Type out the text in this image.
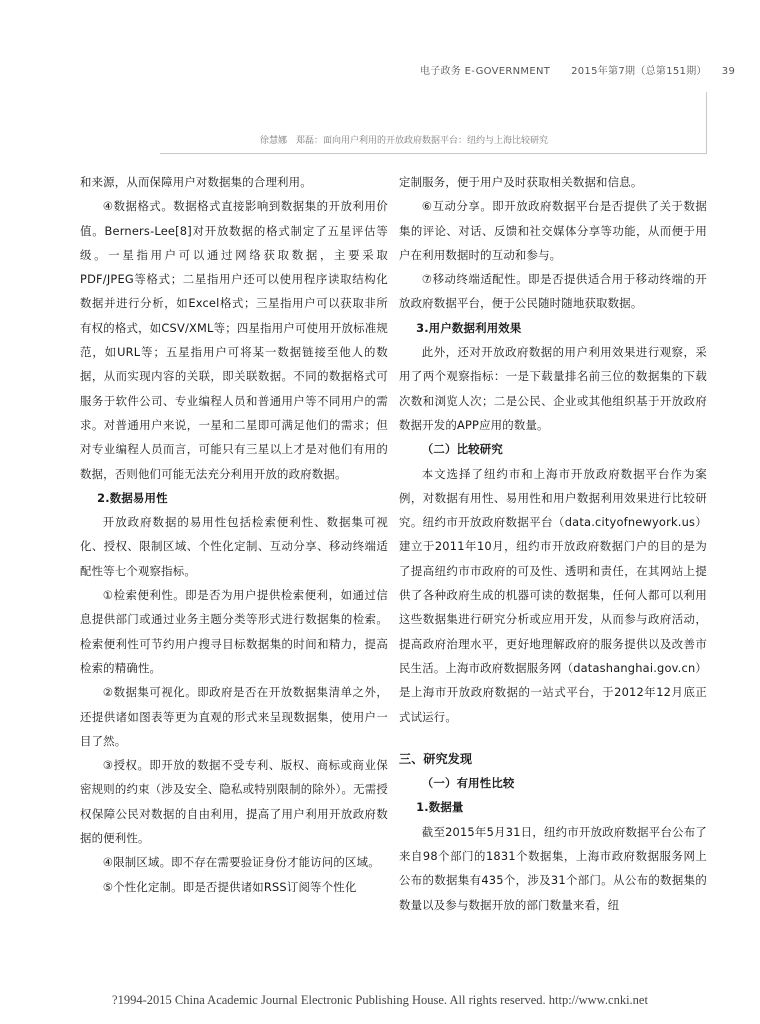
电子政务 E-GOVERNMENT 2015年第7期（总第151期） 39
徐慧娜　郑磊：面向用户利用的开放政府数据平台：纽约与上海比较研究

和来源，从而保障用户对数据集的合理利用。

④数据格式。数据格式直接影响到数据集的开放利用价值。Berners-Lee[8]对开放数据的格式制定了五星评估等级。一星指用户可以通过网络获取数据，主要采取PDF/JPEG等格式；二星指用户还可以使用程序读取结构化数据并进行分析，如Excel格式；三星指用户可以获取非所有权的格式，如CSV/XML等；四星指用户可使用开放标准规范，如URL等；五星指用户可将某一数据链接至他人的数据，从而实现内容的关联，即关联数据。不同的数据格式可服务于软件公司、专业编程人员和普通用户等不同用户的需求。对普通用户来说，一星和二星即可满足他们的需求；但对专业编程人员而言，可能只有三星以上才是对他们有用的数据，否则他们可能无法充分利用开放的政府数据。

2.数据易用性

开放政府数据的易用性包括检索便利性、数据集可视化、授权、限制区域、个性化定制、互动分享、移动终端适配性等七个观察指标。

①检索便利性。即是否为用户提供检索便利，如通过信息提供部门或通过业务主题分类等形式进行数据集的检索。检索便利性可节约用户搜寻目标数据集的时间和精力，提高检索的精确性。

②数据集可视化。即政府是否在开放数据集清单之外，还提供诸如图表等更为直观的形式来呈现数据集，使用户一目了然。

③授权。即开放的数据不受专利、版权、商标或商业保密规则的约束（涉及安全、隐私或特别限制的除外）。无需授权保障公民对数据的自由利用，提高了用户利用开放政府数据的便利性。

④限制区域。即不存在需要验证身份才能访问的区域。

⑤个性化定制。即是否提供诸如RSS订阅等个性化

定制服务，便于用户及时获取相关数据和信息。

⑥互动分享。即开放政府数据平台是否提供了关于数据集的评论、对话、反馈和社交媒体分享等功能，从而便于用户在利用数据时的互动和参与。

⑦移动终端适配性。即是否提供适合用于移动终端的开放政府数据平台，便于公民随时随地获取数据。

3.用户数据利用效果

此外，还对开放政府数据的用户利用效果进行观察，采用了两个观察指标：一是下载量排名前三位的数据集的下载次数和浏览人次；二是公民、企业或其他组织基于开放政府数据开发的APP应用的数量。

（二）比较研究

本文选择了纽约市和上海市开放政府数据平台作为案例，对数据有用性、易用性和用户数据利用效果进行比较研究。纽约市开放政府数据平台（data.cityofnewyork.us）建立于2011年10月，纽约市开放政府数据门户的目的是为了提高纽约市市政府的可及性、透明和责任，在其网站上提供了各种政府生成的机器可读的数据集，任何人都可以利用这些数据集进行研究分析或应用开发，从而参与政府活动，提高政府治理水平，更好地理解政府的服务提供以及改善市民生活。上海市政府数据服务网（datashanghai.gov.cn）是上海市开放政府数据的一站式平台，于2012年12月底正式试运行。

三、研究发现

（一）有用性比较

1.数据量

截至2015年5月31日，纽约市开放政府数据平台公布了来自98个部门的1831个数据集，上海市政府数据服务网上公布的数据集有435个，涉及31个部门。从公布的数据集的数量以及参与数据开放的部门数量来看，纽

?1994-2015 China Academic Journal Electronic Publishing House. All rights reserved. http://www.cnki.net
